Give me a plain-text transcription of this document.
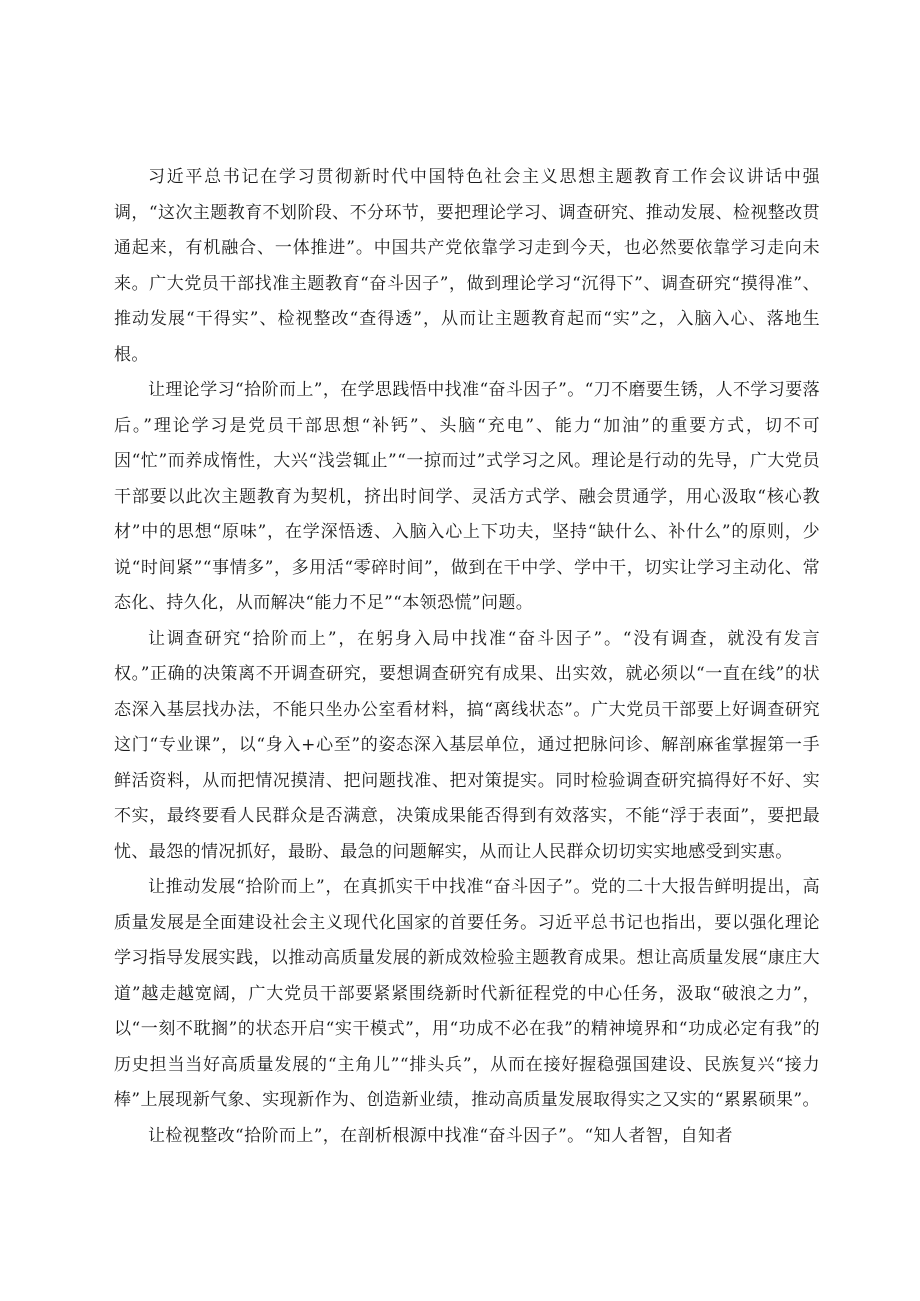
习近平总书记在学习贯彻新时代中国特色社会主义思想主题教育工作会议讲话中强调，“这次主题教育不划阶段、不分环节，要把理论学习、调查研究、推动发展、检视整改贯通起来，有机融合、一体推进”。中国共产党依靠学习走到今天，也必然要依靠学习走向未来。广大党员干部找准主题教育“奋斗因子”，做到理论学习“沉得下”、调查研究“摸得准”、推动发展“干得实”、检视整改“查得透”，从而让主题教育起而“实”之，入脑入心、落地生根。

让理论学习“拾阶而上”，在学思践悟中找准“奋斗因子”。“刀不磨要生锈，人不学习要落后。”理论学习是党员干部思想“补钙”、头脑“充电”、能力“加油”的重要方式，切不可因“忙”而养成惰性，大兴“浅尝辄止”“一掠而过”式学习之风。理论是行动的先导，广大党员干部要以此次主题教育为契机，挤出时间学、灵活方式学、融会贯通学，用心汲取“核心教材”中的思想“原味”，在学深悟透、入脑入心上下功夫，坚持“缺什么、补什么”的原则，少说“时间紧”“事情多”，多用活“零碎时间”，做到在干中学、学中干，切实让学习主动化、常态化、持久化，从而解决“能力不足”“本领恐慌”问题。

让调查研究“拾阶而上”，在躬身入局中找准“奋斗因子”。“没有调查，就没有发言权。”正确的决策离不开调查研究，要想调查研究有成果、出实效，就必须以“一直在线”的状态深入基层找办法，不能只坐办公室看材料，搞“离线状态”。广大党员干部要上好调查研究这门“专业课”，以“身入+心至”的姿态深入基层单位，通过把脉问诊、解剖麻雀掌握第一手鲜活资料，从而把情况摸清、把问题找准、把对策提实。同时检验调查研究搞得好不好、实不实，最终要看人民群众是否满意，决策成果能否得到有效落实，不能“浮于表面”，要把最忧、最怨的情况抓好，最盼、最急的问题解实，从而让人民群众切切实实地感受到实惠。

让推动发展“拾阶而上”，在真抓实干中找准“奋斗因子”。党的二十大报告鲜明提出，高质量发展是全面建设社会主义现代化国家的首要任务。习近平总书记也指出，要以强化理论学习指导发展实践，以推动高质量发展的新成效检验主题教育成果。想让高质量发展“康庄大道”越走越宽阔，广大党员干部要紧紧围绕新时代新征程党的中心任务，汲取“破浪之力”，以“一刻不耽搁”的状态开启“实干模式”，用“功成不必在我”的精神境界和“功成必定有我”的历史担当当好高质量发展的“主角儿”“排头兵”，从而在接好握稳强国建设、民族复兴“接力棒”上展现新气象、实现新作为、创造新业绩，推动高质量发展取得实之又实的“累累硕果”。

让检视整改“拾阶而上”，在剖析根源中找准“奋斗因子”。“知人者智，自知者
